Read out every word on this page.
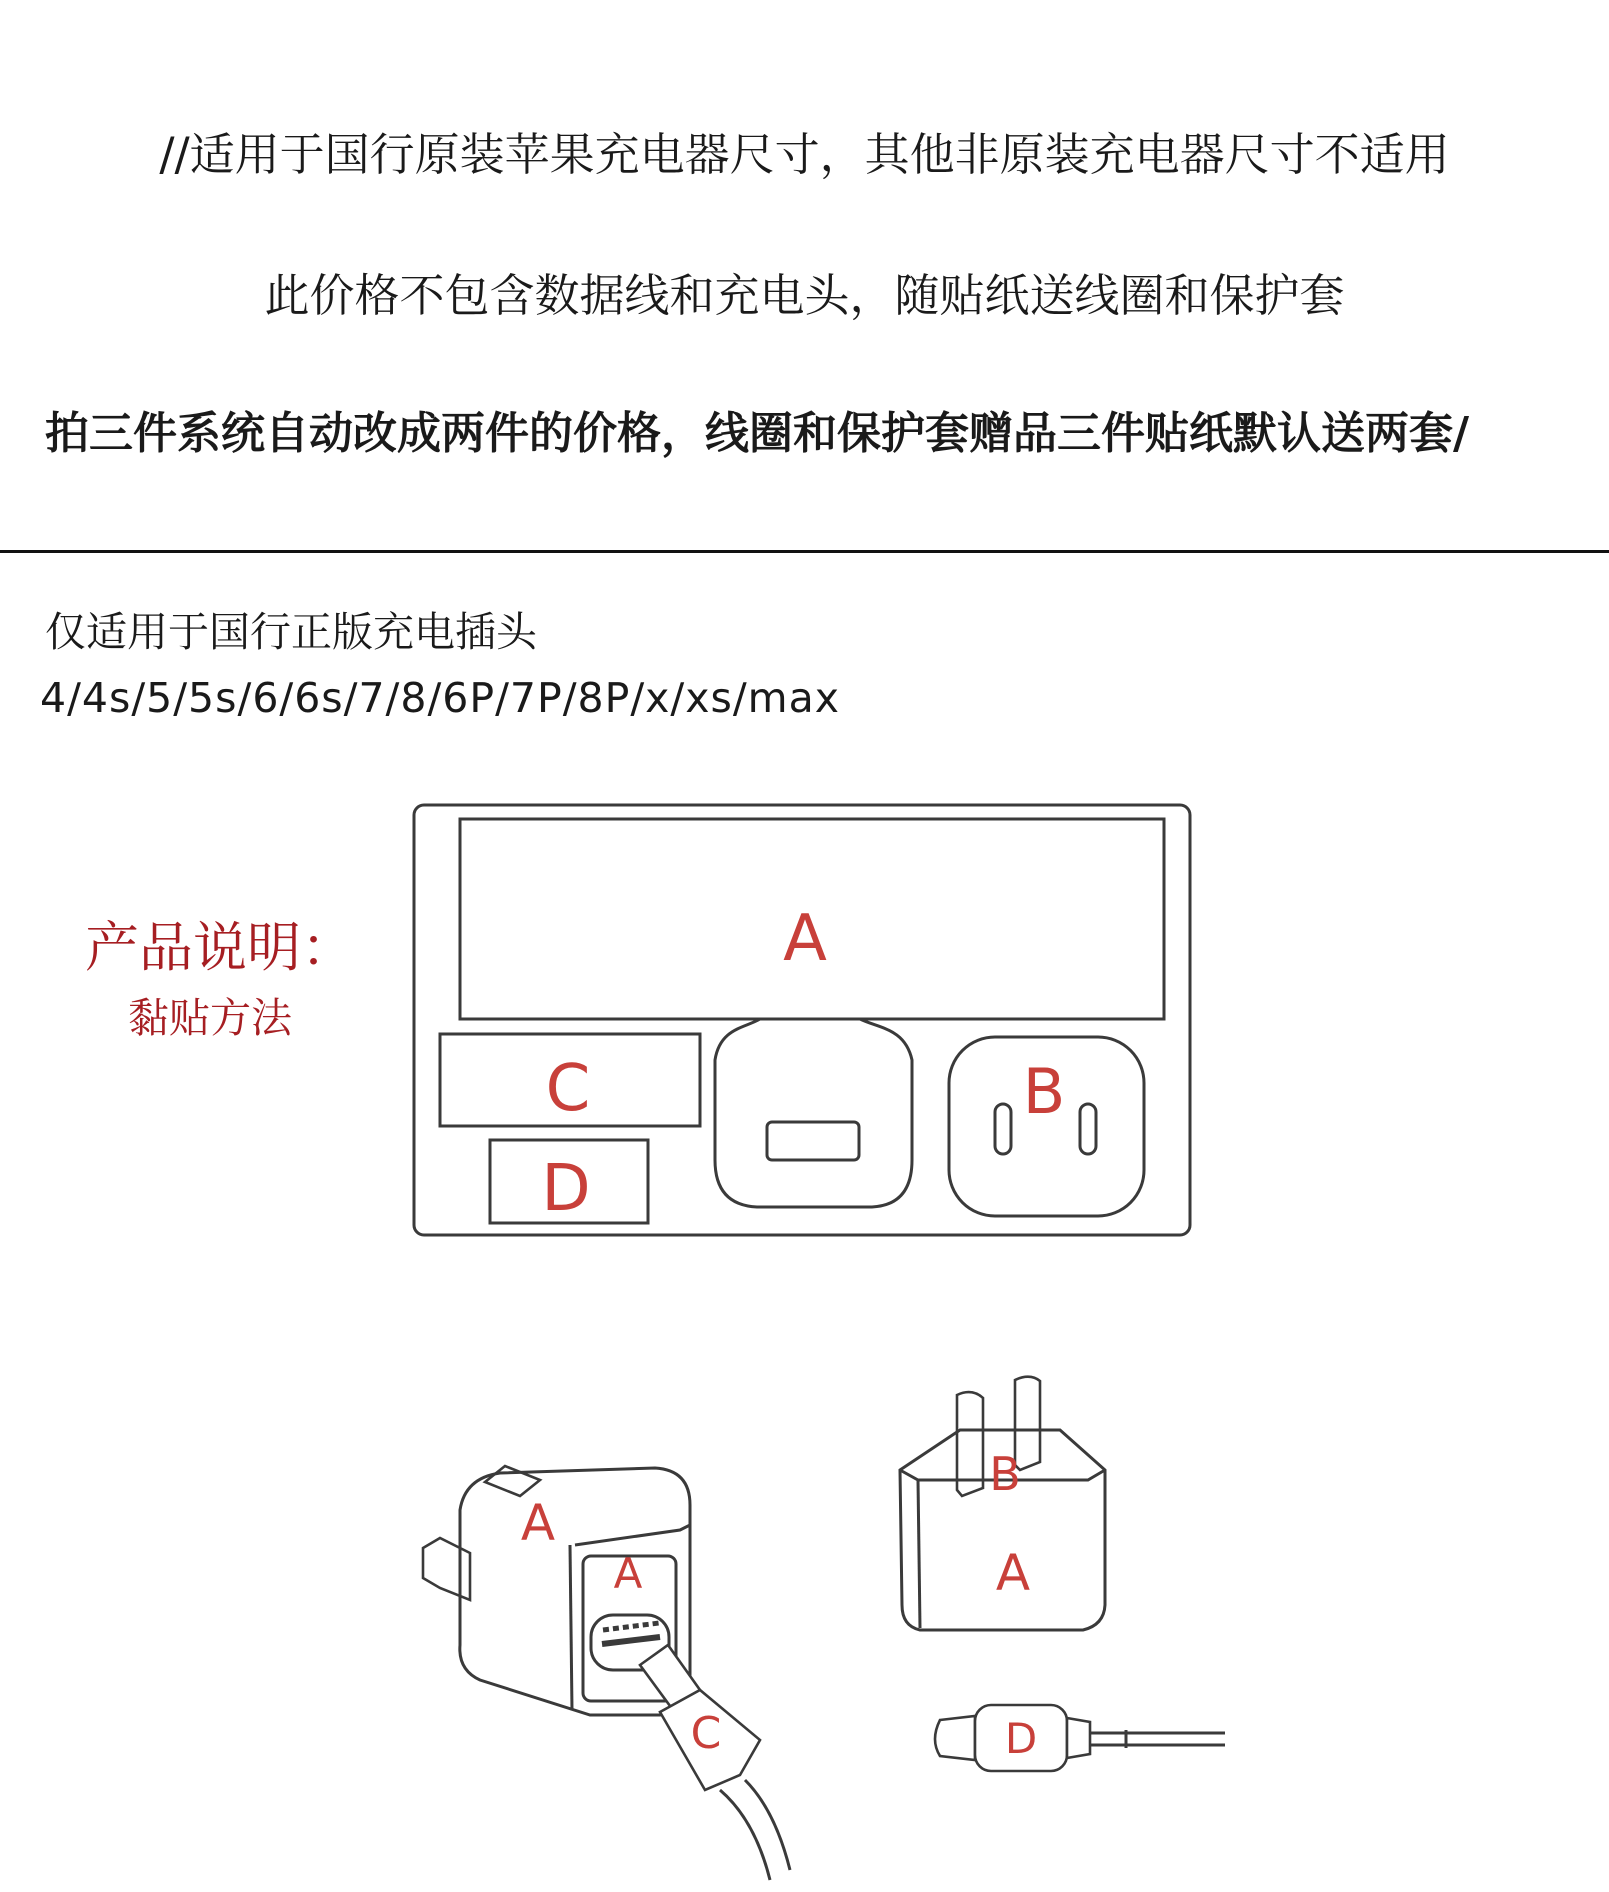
//适用于国行原装苹果充电器尺寸，其他非原装充电器尺寸不适用
此价格不包含数据线和充电头，随贴纸送线圈和保护套
拍三件系统自动改成两件的价格，线圈和保护套赠品三件贴纸默认送两套/
仅适用于国行正版充电插头
4/4s/5/5s/6/6s/7/8/6P/7P/8P/x/xs/max
产品说明：
黏贴方法
A
C
D
B
A
A
C
B
A
D
